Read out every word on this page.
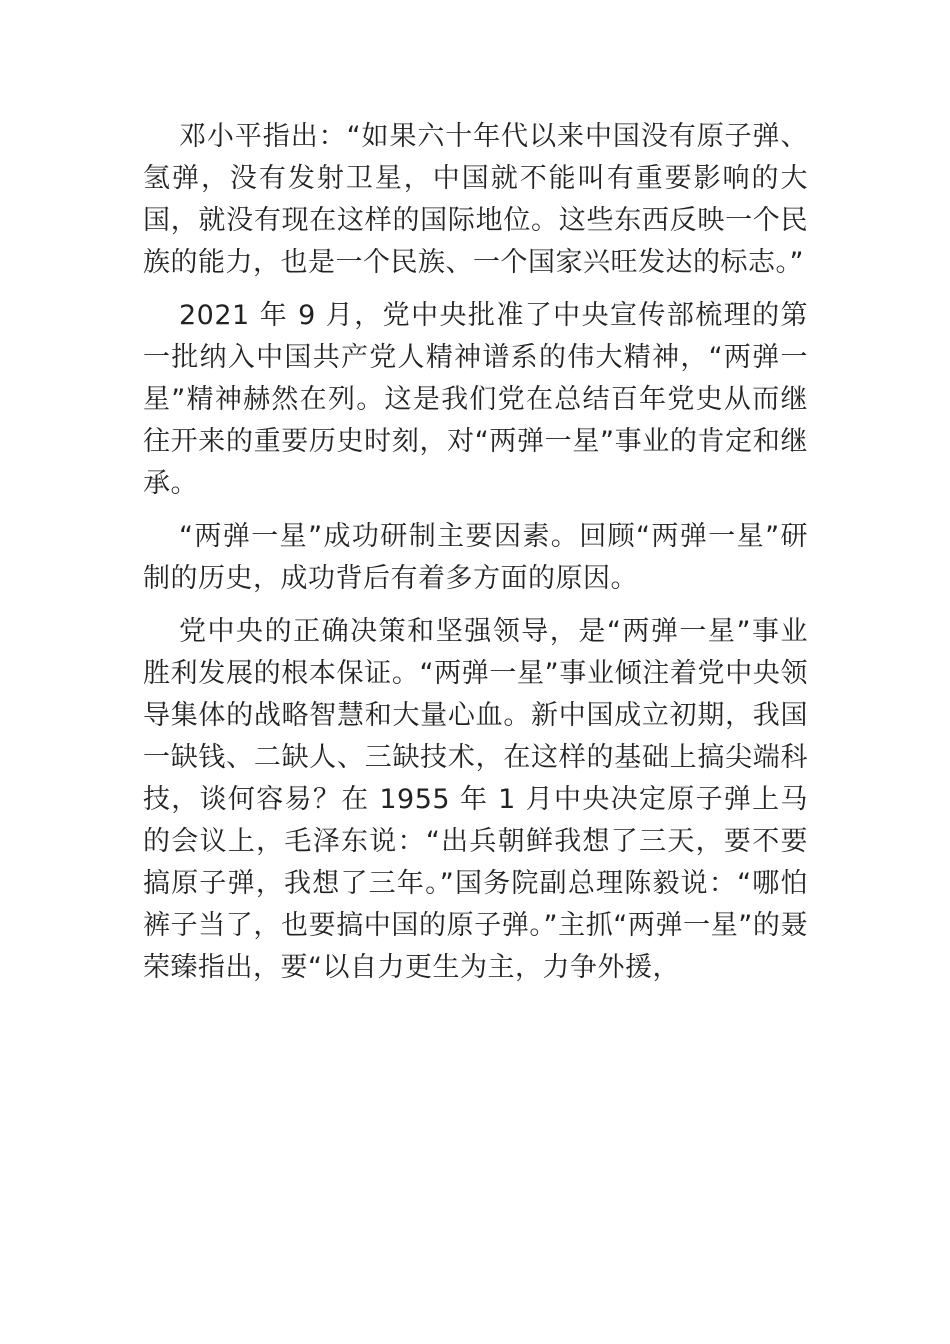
邓小平指出：“如果六十年代以来中国没有原子弹、氢弹，没有发射卫星，中国就不能叫有重要影响的大国，就没有现在这样的国际地位。这些东西反映一个民族的能力，也是一个民族、一个国家兴旺发达的标志。”

2021 年 9 月，党中央批准了中央宣传部梳理的第一批纳入中国共产党人精神谱系的伟大精神，“两弹一星”精神赫然在列。这是我们党在总结百年党史从而继往开来的重要历史时刻，对“两弹一星”事业的肯定和继承。

“两弹一星”成功研制主要因素。回顾“两弹一星”研制的历史，成功背后有着多方面的原因。

党中央的正确决策和坚强领导，是“两弹一星”事业胜利发展的根本保证。“两弹一星”事业倾注着党中央领导集体的战略智慧和大量心血。新中国成立初期，我国一缺钱、二缺人、三缺技术，在这样的基础上搞尖端科技，谈何容易？在 1955 年 1 月中央决定原子弹上马的会议上，毛泽东说：“出兵朝鲜我想了三天，要不要搞原子弹，我想了三年。”国务院副总理陈毅说：“哪怕裤子当了，也要搞中国的原子弹。”主抓“两弹一星”的聂荣臻指出，要“以自力更生为主，力争外援，
